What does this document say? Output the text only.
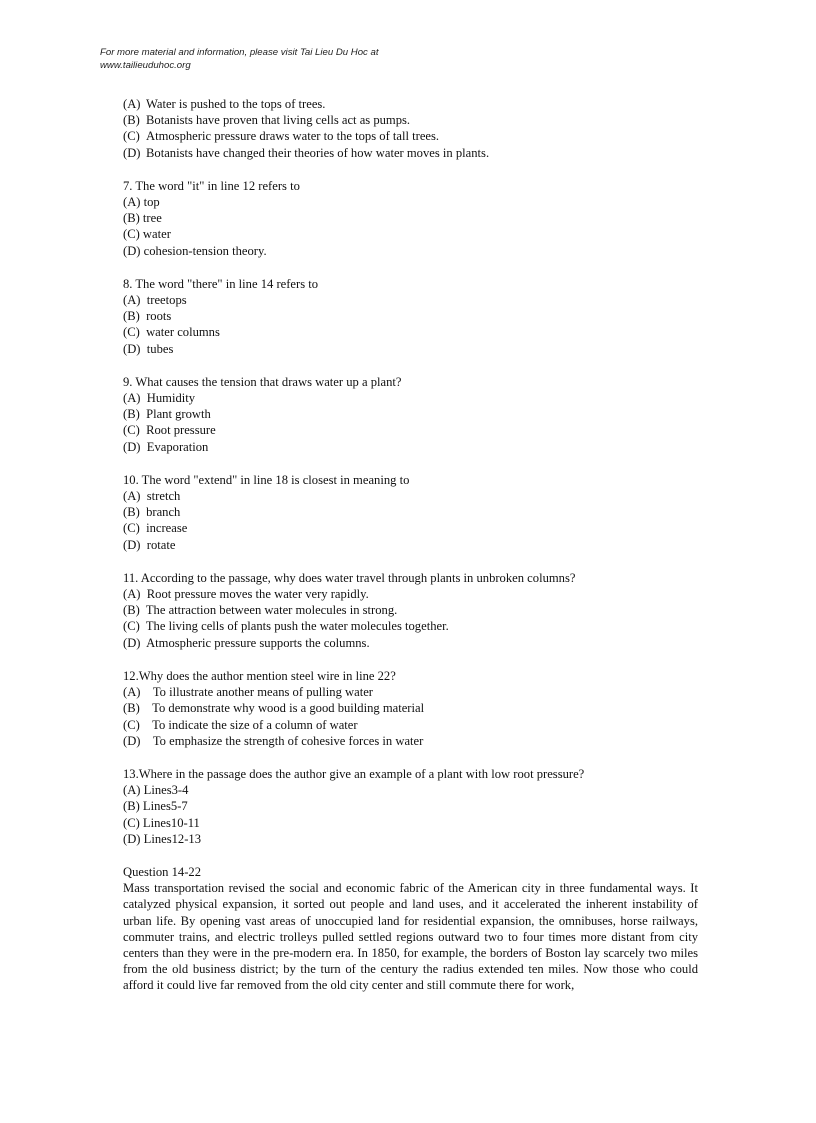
For more material and information, please visit Tai Lieu Du Hoc at
www.tailieuduhoc.org
(A) Water is pushed to the tops of trees.
(B) Botanists have proven that living cells act as pumps.
(C) Atmospheric pressure draws water to the tops of tall trees.
(D) Botanists have changed their theories of how water moves in plants.
7. The word "it" in line 12 refers to
(A) top
(B) tree
(C) water
(D) cohesion-tension theory.
8. The word "there" in line 14 refers to
(A)  treetops
(B)  roots
(C)  water columns
(D)  tubes
9. What causes the tension that draws water up a plant?
(A)  Humidity
(B)  Plant growth
(C)  Root pressure
(D)  Evaporation
10. The word "extend" in line 18 is closest in meaning to
(A)  stretch
(B)  branch
(C)  increase
(D)  rotate
11. According to the passage, why does water travel through plants in unbroken columns?
(A)  Root pressure moves the water very rapidly.
(B)  The attraction between water molecules in strong.
(C)  The living cells of plants push the water molecules together.
(D)  Atmospheric pressure supports the columns.
12.Why does the author mention steel wire in line 22?
(A)    To illustrate another means of pulling water
(B)    To demonstrate why wood is a good building material
(C)    To indicate the size of a column of water
(D)    To emphasize the strength of cohesive forces in water
13.Where in the passage does the author give an example of a plant with low root pressure?
(A) Lines3-4
(B) Lines5-7
(C) Lines10-11
(D) Lines12-13
Question 14-22
Mass transportation revised the social and economic fabric of the American city in three fundamental ways. It catalyzed physical expansion, it sorted out people and land uses, and it accelerated the inherent instability of urban life. By opening vast areas of unoccupied land for residential expansion, the omnibuses, horse railways, commuter trains, and electric trolleys pulled settled regions outward two to four times more distant from city centers than they were in the pre-modern era. In 1850, for example, the borders of Boston lay scarcely two miles from the old business district; by the turn of the century the radius extended ten miles. Now those who could afford it could live far removed from the old city center and still commute there for work,
